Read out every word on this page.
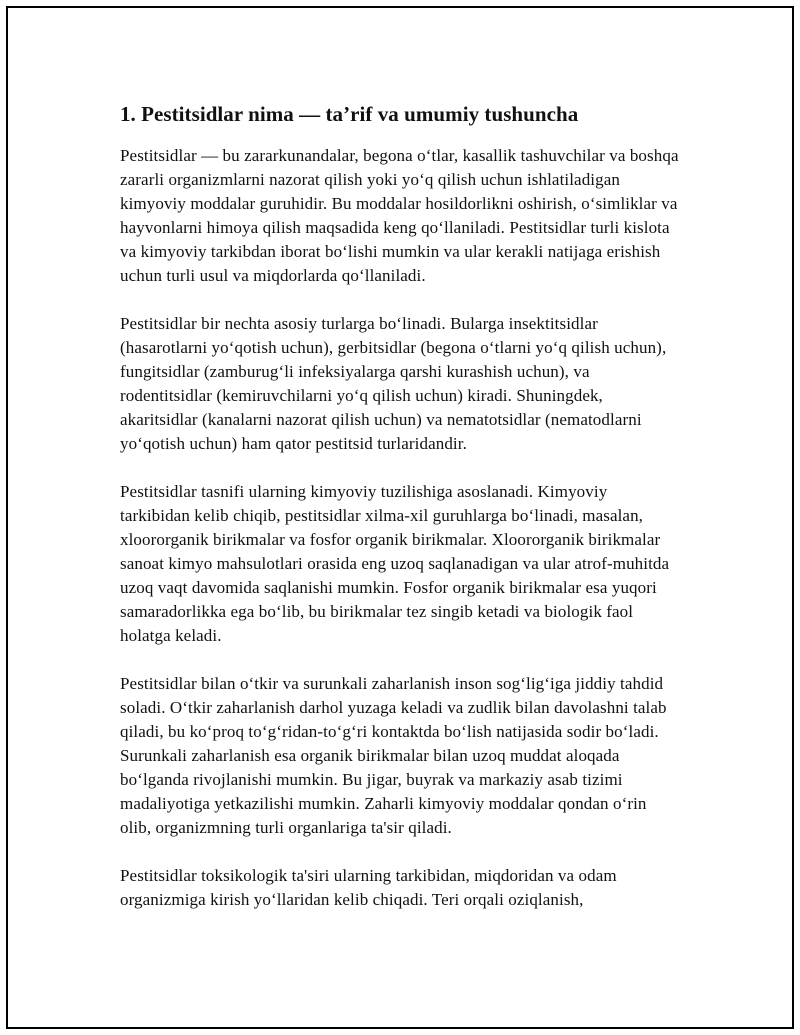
1. Pestitsidlar nima — ta’rif va umumiy tushuncha

Pestitsidlar — bu zararkunandalar, begona o‘tlar, kasallik tashuvchilar va boshqa zararli organizmlarni nazorat qilish yoki yo‘q qilish uchun ishlatiladigan kimyoviy moddalar guruhidir. Bu moddalar hosildorlikni oshirish, o‘simliklar va hayvonlarni himoya qilish maqsadida keng qo‘llaniladi. Pestitsidlar turli kislota va kimyoviy tarkibdan iborat bo‘lishi mumkin va ular kerakli natijaga erishish uchun turli usul va miqdorlarda qo‘llaniladi.

Pestitsidlar bir nechta asosiy turlarga bo‘linadi. Bularga insektitsidlar (hasarotlarni yo‘qotish uchun), gerbitsidlar (begona o‘tlarni yo‘q qilish uchun), fungitsidlar (zamburug‘li infeksiyalarga qarshi kurashish uchun), va rodentitsidlar (kemiruvchilarni yo‘q qilish uchun) kiradi. Shuningdek, akaritsidlar (kanalarni nazorat qilish uchun) va nematotsidlar (nematodlarni yo‘qotish uchun) ham qator pestitsid turlaridandir.

Pestitsidlar tasnifi ularning kimyoviy tuzilishiga asoslanadi. Kimyoviy tarkibidan kelib chiqib, pestitsidlar xilma-xil guruhlarga bo‘linadi, masalan, xloororganik birikmalar va fosfor organik birikmalar. Xloororganik birikmalar sanoat kimyo mahsulotlari orasida eng uzoq saqlanadigan va ular atrof-muhitda uzoq vaqt davomida saqlanishi mumkin. Fosfor organik birikmalar esa yuqori samaradorlikka ega bo‘lib, bu birikmalar tez singib ketadi va biologik faol holatga keladi.

Pestitsidlar bilan o‘tkir va surunkali zaharlanish inson sog‘lig‘iga jiddiy tahdid soladi. O‘tkir zaharlanish darhol yuzaga keladi va zudlik bilan davolashni talab qiladi, bu ko‘proq to‘g‘ridan-to‘g‘ri kontaktda bo‘lish natijasida sodir bo‘ladi. Surunkali zaharlanish esa organik birikmalar bilan uzoq muddat aloqada bo‘lganda rivojlanishi mumkin. Bu jigar, buyrak va markaziy asab tizimi madaliyotiga yetkazilishi mumkin. Zaharli kimyoviy moddalar qondan o‘rin olib, organizmning turli organlariga ta'sir qiladi.

Pestitsidlar toksikologik ta'siri ularning tarkibidan, miqdoridan va odam organizmiga kirish yo‘llaridan kelib chiqadi. Teri orqali oziqlanish,
